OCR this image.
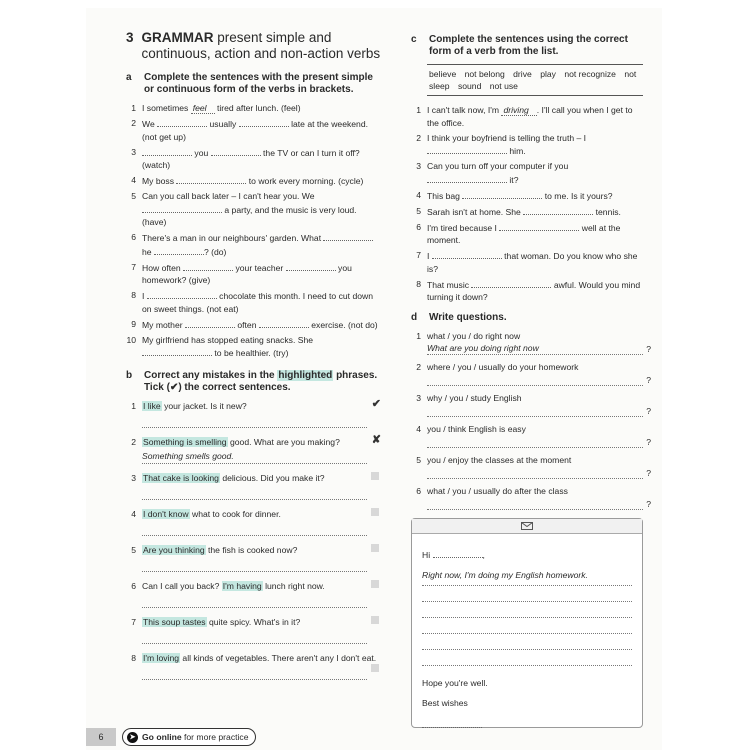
3 GRAMMAR present simple and continuous, action and non-action verbs
a	Complete the sentences with the present simple or continuous form of the verbs in brackets.
1 I sometimes feel tired after lunch. (feel)
2 We	usually	late at the weekend. (not get up)
3	you	the TV or can I turn it off? (watch)
4 My boss	to work every morning. (cycle)
5 Can you call back later – I can't hear you. We  a party, and the music is very loud. (have)
6 There's a man in our neighbours' garden. What  he	? (do)
7 How often	your teacher	you homework? (give)
8 I	chocolate this month. I need to cut down on sweet things. (not eat)
9 My mother	often	exercise. (not do)
10 My girlfriend has stopped eating snacks. She  to be healthier. (try)
b	Correct any mistakes in the highlighted phrases. Tick (✔) the correct sentences.
1 I like your jacket. Is it new?	✔
2 Something is smelling good. What are you making?	✘
Something smells good.
3 That cake is looking delicious. Did you make it?
4 I don't know what to cook for dinner.
5 Are you thinking the fish is cooked now?
6 Can I call you back? I'm having lunch right now.
7 This soup tastes quite spicy. What's in it?
8 I'm loving all kinds of vegetables. There aren't any I don't eat.
c	Complete the sentences using the correct form of a verb from the list.
believe not belong drive play not recognize not sleep sound not use
1 I can't talk now, I'm driving . I'll call you when I get to the office.
2 I think your boyfriend is telling the truth – I  him.
3 Can you turn off your computer if you  it?
4 This bag	to me. Is it yours?
5 Sarah isn't at home. She	tennis.
6 I'm tired because I	well at the moment.
7 I	that woman. Do you know who she is?
8 That music	awful. Would you mind turning it down?
d	Write questions.
1 what / you / do right now
What are you doing right now	?
2 where / you / usually do your homework
?
3 why / you / study English
?
4 you / think English is easy
?
5 you / enjoy the classes at the moment
?
6 what / you / usually do after the class
?
Hi	,
Right now, I'm doing my English homework.
Hope you're well.
Best wishes
6	➤ Go online for more practice
